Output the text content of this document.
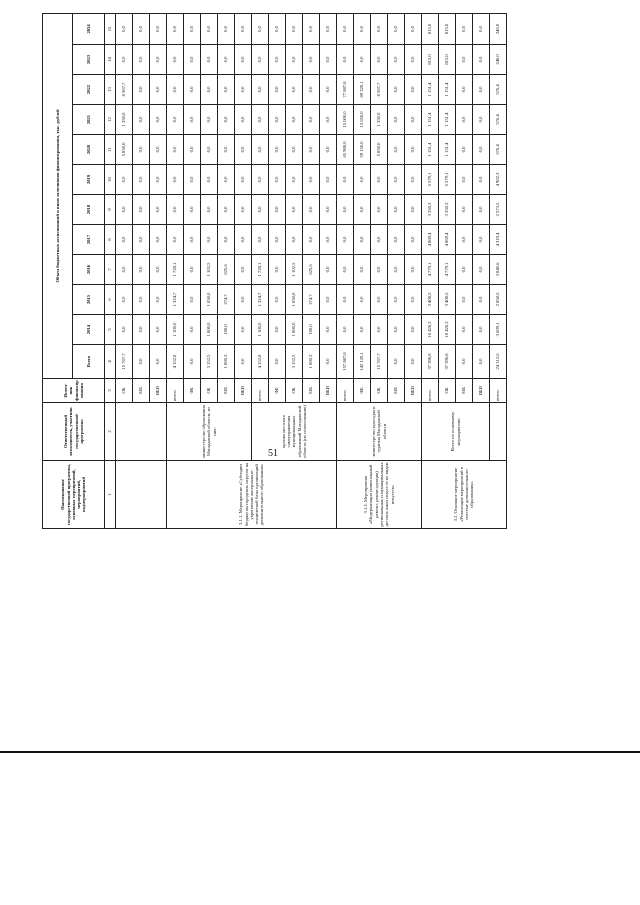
51
Наименование государственной программы, основных мероприятий, мероприятий, подмероприятий	Ответственный исполнитель, участник государственной программы	Источ-ник финансир ования	Объем бюджетных ассигнований и иных источников финансирования, тыс. рублей											
			Всего	2014	2015	2016	2017	2018	2019	2020	2021	2022	2023	2024
1	2	3	4	5	6	7	8	9	10	11	12	13	14	15
		ОБ	15 767,7	0,0	0,0	0,0	0,0	0,0	0,0	5 850,0	1 350,0	8 567,7	0,0	0,0
		МБ	0,0	0,0	0,0	0,0	0,0	0,0	0,0	0,0	0,0	0,0	0,0	0,0
		ВБИ	0,0	0,0	0,0	0,0	0,0	0,0	0,0	0,0	0,0	0,0	0,0	0,0
3.1.1. Мероприятие «Субсидии бюджетам городских округов на укрепление материально-технической базы организаций дополнительного образования»	министерство образования Магаданской области, из них:	всего:	4 152,8	1 100,0	1 324,7	1 728,1	0,0	0,0	0,0	0,0	0,0	0,0	0,0	0,0
		ФБ	0,0	0,0	0,0	0,0	0,0	0,0	0,0	0,0	0,0	0,0	0,0	0,0
		ОБ	3 152,5	1 000,0	1 050,0	1 102,5	0,0	0,0	0,0	0,0	0,0	0,0	0,0	0,0
		МБ	1 000,3	100,0	274,7	625,6	0,0	0,0	0,0	0,0	0,0	0,0	0,0	0,0
		ВБИ	0,0	0,0	0,0	0,0	0,0	0,0	0,0	0,0	0,0	0,0	0,0	0,0
	органы местного самоуправления муниципальных образований Магаданской области (по согласованию)	всего:	4 152,8	1 100,0	1 324,7	1 728,1	0,0	0,0	0,0	0,0	0,0	0,0	0,0	0,0
		ФБ	0,0	0,0	0,0	0,0	0,0	0,0	0,0	0,0	0,0	0,0	0,0	0,0
		ОБ	3 152,5	1 000,0	1 050,0	1 102,5	0,0	0,0	0,0	0,0	0,0	0,0	0,0	0,0
		МБ	1 000,3	100,0	274,7	625,6	0,0	0,0	0,0	0,0	0,0	0,0	0,0	0,0
		ВБИ	0,0	0,0	0,0	0,0	0,0	0,0	0,0	0,0	0,0	0,0	0,0	0,0
3.1.2. Мероприятие «Модернизация (капитальный ремонт, реконструкция) региональных и муниципальных детских школ искусств по видам искусств»	министерство культуры и туризма Магаданской области	всего:	157 887,8	0,0	0,0	0,0	0,0	0,0	0,0	65 900,0	15 000,0	77 887,8	0,0	0,0
		ФБ	142 120,1	0,0	0,0	0,0	0,0	0,0	0,0	59 150,0	13 650,0	69 320,1	0,0	0,0
		ОБ	15 767,7	0,0	0,0	0,0	0,0	0,0	0,0	5 850,0	1 350,0	8 567,7	0,0	0,0
		МБ	0,0	0,0	0,0	0,0	0,0	0,0	0,0	0,0	0,0	0,0	0,0	0,0
		ВБИ	0,0	0,0	0,0	0,0	0,0	0,0	0,0	0,0	0,0	0,0	0,0	0,0
3.2. Основное мероприятие «Реализация мероприятий в системе дополнительного образования»	Всего по основному мероприятию:	всего:	37 396,8	10 426,2	3 408,5	4 779,1	4 869,4	3 250,3	5 579,1	1 151,4	1 151,4	1 151,4	815,0	815,0
		ОБ	37 396,8	10 426,2	3 408,5	4 779,1	4 869,4	3 250,3	5 579,1	1 151,4	1 151,4	1 151,4	815,0	815,0
		МБ	0,0	0,0	0,0	0,0	0,0	0,0	0,0	0,0	0,0	0,0	0,0	0,0
		ВБИ	0,0	0,0	0,0	0,0	0,0	0,0	0,0	0,0	0,0	0,0	0,0	0,0
		всего:	24 312,6	3 609,1	2 858,5	3 840,6	4 319,4	2 573,5	4 902,3	576,4	576,4	576,4	240,0	240,0
